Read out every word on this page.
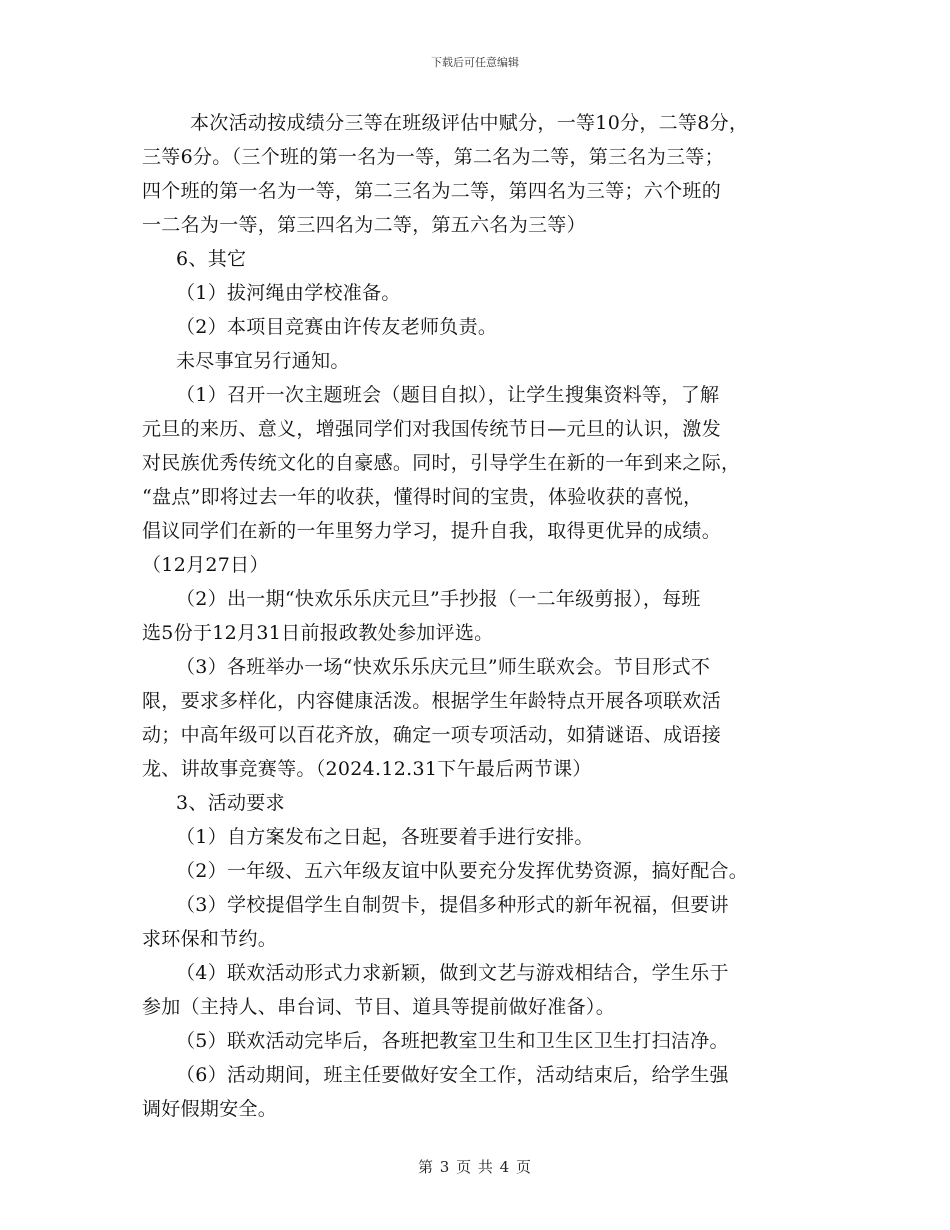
下载后可任意编辑
本次活动按成绩分三等在班级评估中赋分，一等10分，二等8分，
三等6分。（三个班的第一名为一等，第二名为二等，第三名为三等；
四个班的第一名为一等，第二三名为二等，第四名为三等；六个班的
一二名为一等，第三四名为二等，第五六名为三等）
6、其它
（1）拔河绳由学校准备。
（2）本项目竞赛由许传友老师负责。
未尽事宜另行通知。
（1）召开一次主题班会（题目自拟），让学生搜集资料等，了解
元旦的来历、意义，增强同学们对我国传统节日—元旦的认识，激发
对民族优秀传统文化的自豪感。同时，引导学生在新的一年到来之际，
“盘点”即将过去一年的收获，懂得时间的宝贵，体验收获的喜悦，
倡议同学们在新的一年里努力学习，提升自我，取得更优异的成绩。
（12月27日）
（2）出一期“快欢乐乐庆元旦”手抄报（一二年级剪报），每班
选5份于12月31日前报政教处参加评选。
（3）各班举办一场“快欢乐乐庆元旦”师生联欢会。节目形式不
限，要求多样化，内容健康活泼。根据学生年龄特点开展各项联欢活
动；中高年级可以百花齐放，确定一项专项活动，如猜谜语、成语接
龙、讲故事竞赛等。（2024.12.31下午最后两节课）
3、活动要求
（1）自方案发布之日起，各班要着手进行安排。
（2）一年级、五六年级友谊中队要充分发挥优势资源，搞好配合。
（3）学校提倡学生自制贺卡，提倡多种形式的新年祝福，但要讲
求环保和节约。
（4）联欢活动形式力求新颖，做到文艺与游戏相结合，学生乐于
参加（主持人、串台词、节目、道具等提前做好准备）。
（5）联欢活动完毕后，各班把教室卫生和卫生区卫生打扫洁净。
（6）活动期间，班主任要做好安全工作，活动结束后，给学生强
调好假期安全。
第 3 页 共 4 页
